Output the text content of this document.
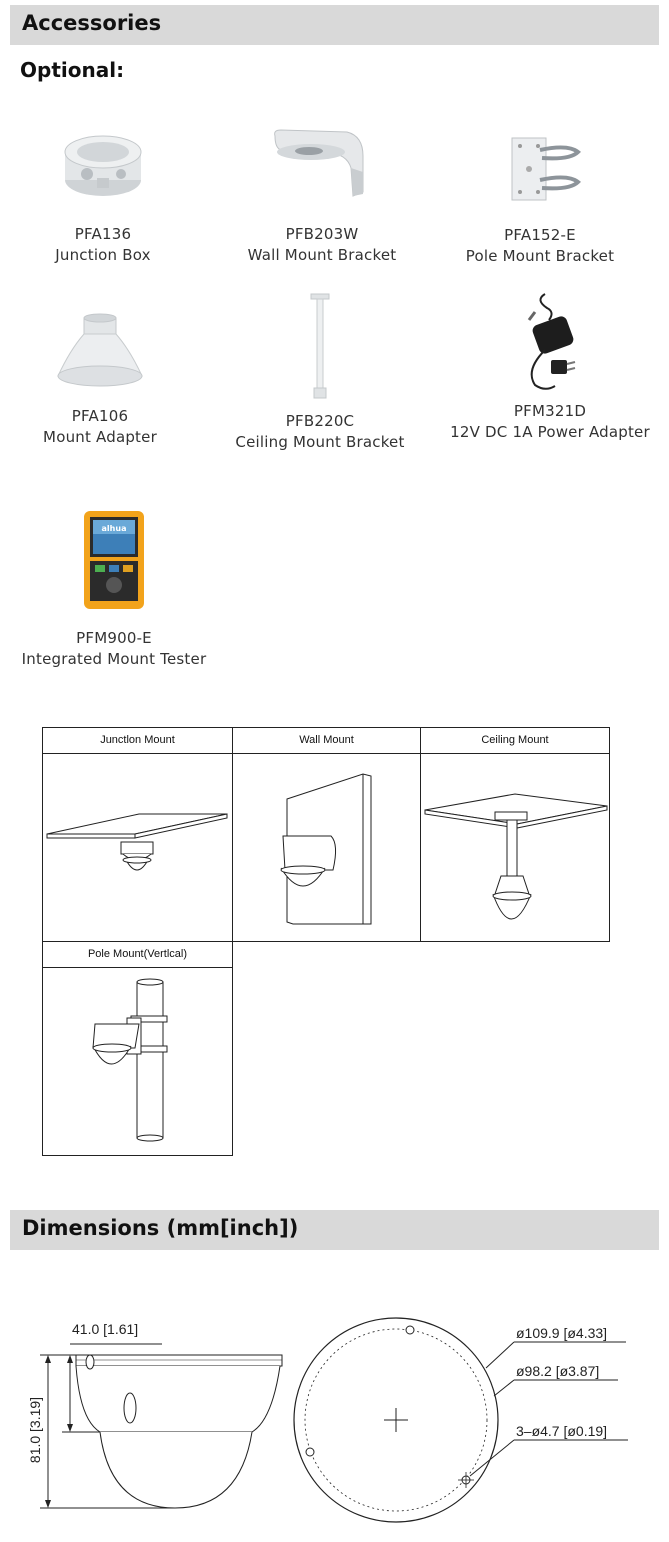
Accessories
Optional:
PFA136
Junction Box
PFB203W
Wall Mount Bracket
PFA152-E
Pole Mount Bracket
PFA106
Mount Adapter
PFB220C
Ceiling Mount Bracket
PFM321D
12V DC 1A Power Adapter
alhua
PFM900-E
Integrated Mount Tester
Junctlon Mount	Wall Mount	Ceiling Mount
Pole Mount(Vertlcal)
Dimensions (mm[inch])
41.0 [1.61]
81.0 [3.19]
ø109.9 [ø4.33]
ø98.2 [ø3.87]
3–ø4.7 [ø0.19]
